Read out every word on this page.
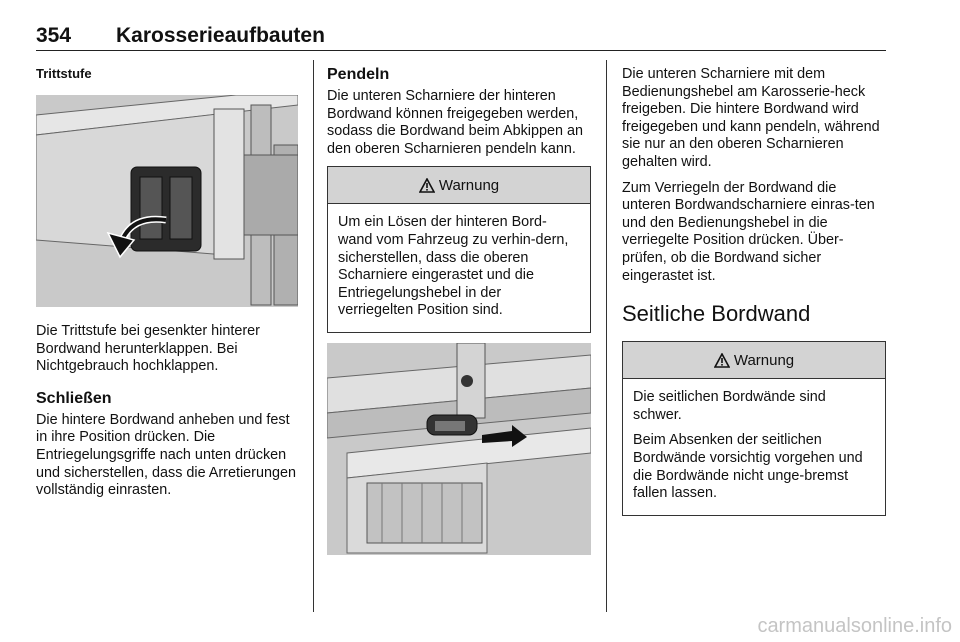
354 Karosserieaufbauten
Trittstufe

Die Trittstufe bei gesenkter hinterer Bordwand herunterklappen. Bei Nichtgebrauch hochklappen.

Schließen

Die hintere Bordwand anheben und fest in ihre Position drücken. Die Entriegelungsgriffe nach unten drücken und sicherstellen, dass die Arretierungen vollständig einrasten.

Pendeln

Die unteren Scharniere der hinteren Bordwand können freigegeben werden, sodass die Bordwand beim Abkippen an den oberen Scharnieren pendeln kann.

Warnung

Um ein Lösen der hinteren Bord-wand vom Fahrzeug zu verhin-dern, sicherstellen, dass die oberen Scharniere eingerastet und die Entriegelungshebel in der verriegelten Position sind.

Die unteren Scharniere mit dem Bedienungshebel am Karosserie-heck freigeben. Die hintere Bordwand wird freigegeben und kann pendeln, während sie nur an den oberen Scharnieren gehalten wird.

Zum Verriegeln der Bordwand die unteren Bordwandscharniere einras-ten und den Bedienungshebel in die verriegelte Position drücken. Über-prüfen, ob die Bordwand sicher eingerastet ist.

Seitliche Bordwand
Warnung

Die seitlichen Bordwände sind schwer.

Beim Absenken der seitlichen Bordwände vorsichtig vorgehen und die Bordwände nicht unge-bremst fallen lassen.

carmanualsonline.info
